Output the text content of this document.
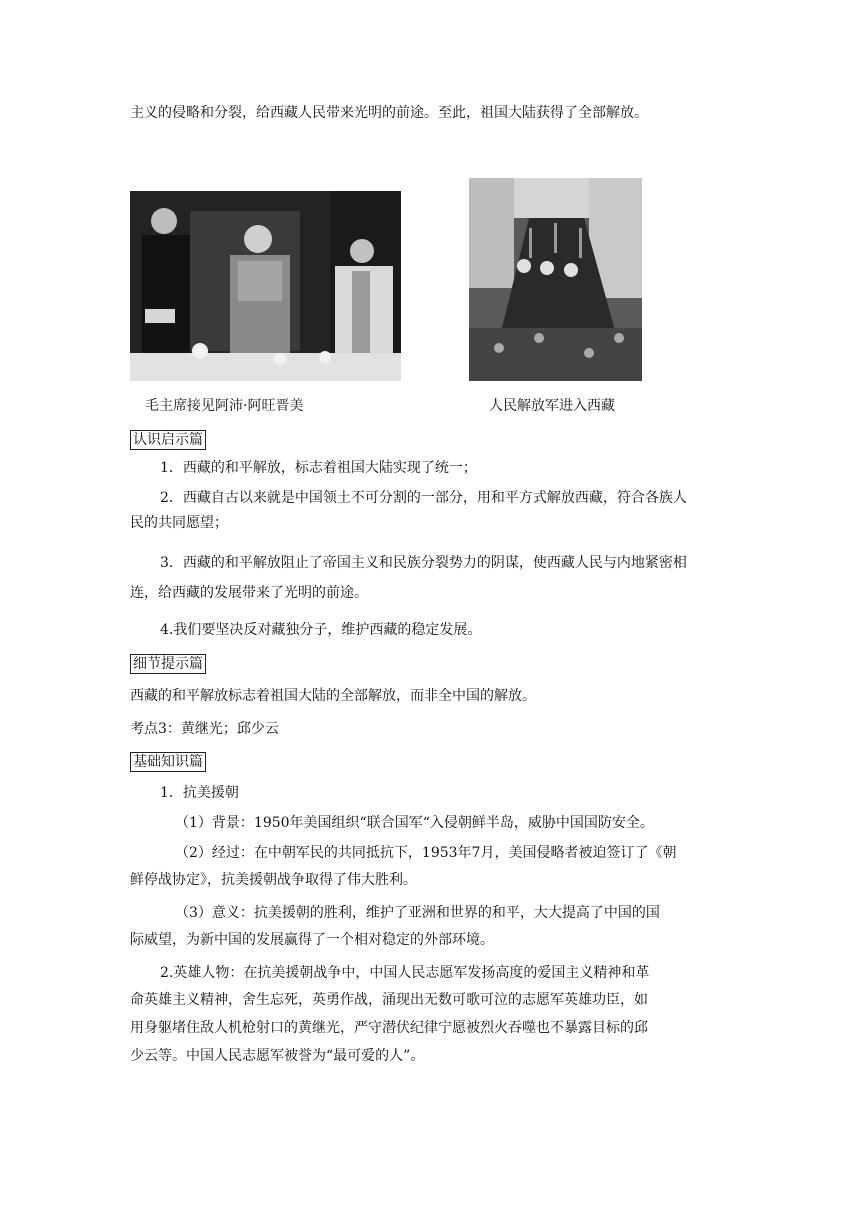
主义的侵略和分裂，给西藏人民带来光明的前途。至此，祖国大陆获得了全部解放。
毛主席接见阿沛·阿旺晋美	人民解放军进入西藏
认识启示篇
1．西藏的和平解放，标志着祖国大陆实现了统一；
2．西藏自古以来就是中国领土不可分割的一部分，用和平方式解放西藏，符合各族人
民的共同愿望；
3．西藏的和平解放阻止了帝国主义和民族分裂势力的阴谋，使西藏人民与内地紧密相
连，给西藏的发展带来了光明的前途。
4.我们要坚决反对藏独分子，维护西藏的稳定发展。
细节提示篇
西藏的和平解放标志着祖国大陆的全部解放，而非全中国的解放。
考点3：黄继光；邱少云
基础知识篇
1．抗美援朝
（1）背景：1950年美国组织“联合国军“入侵朝鲜半岛，威胁中国国防安全。
（2）经过：在中朝军民的共同抵抗下，1953年7月，美国侵略者被迫签订了《朝
鲜停战协定》，抗美援朝战争取得了伟大胜利。
（3）意义：抗美援朝的胜利，维护了亚洲和世界的和平，大大提高了中国的国
际威望，为新中国的发展赢得了一个相对稳定的外部环境。
2.英雄人物：在抗美援朝战争中，中国人民志愿军发扬高度的爱国主义精神和革
命英雄主义精神，舍生忘死，英勇作战，涌现出无数可歌可泣的志愿军英雄功臣，如
用身躯堵住敌人机枪射口的黄继光，严守潜伏纪律宁愿被烈火吞噬也不暴露目标的邱
少云等。中国人民志愿军被誉为“最可爱的人”。
